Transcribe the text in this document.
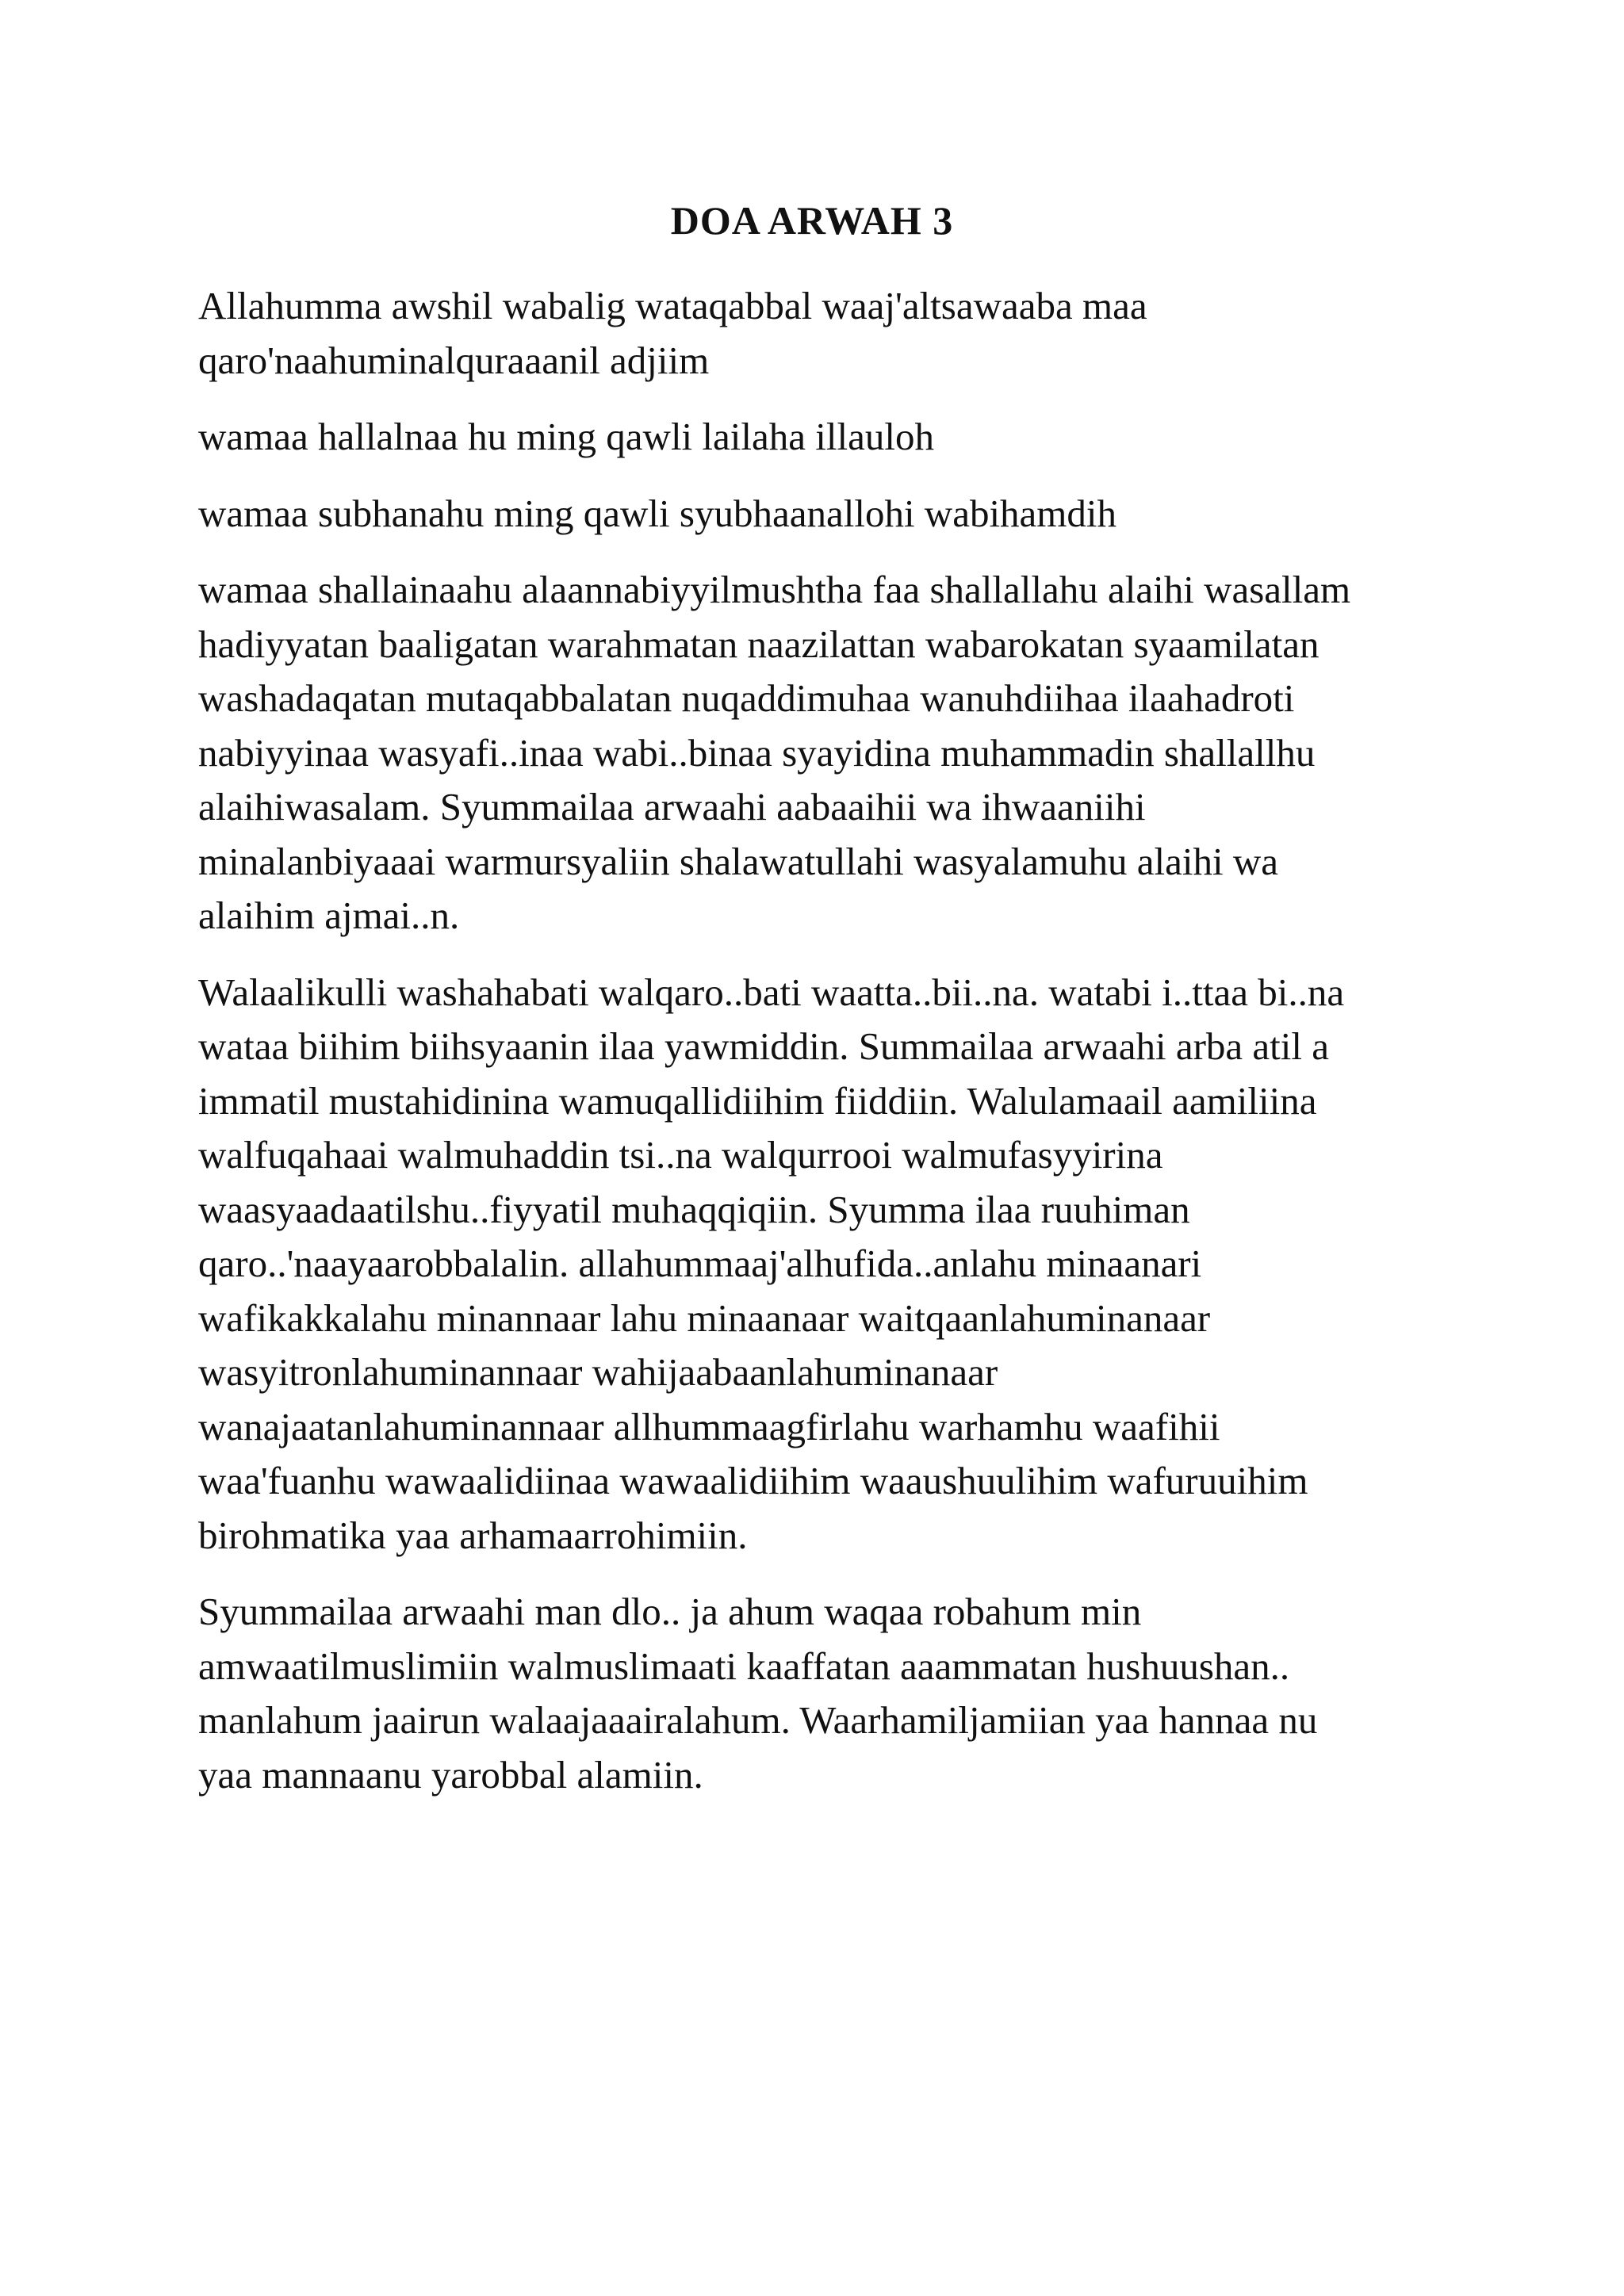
DOA ARWAH 3

Allahumma awshil wabalig wataqabbal waaj'altsawaaba maa
qaro'naahuminalquraaanil adjiim

wamaa hallalnaa hu ming qawli lailaha illauloh

wamaa subhanahu ming qawli syubhaanallohi wabihamdih

wamaa shallainaahu alaannabiyyilmushtha faa shallallahu alaihi wasallam
hadiyyatan baaligatan warahmatan naazilattan wabarokatan syaamilatan
washadaqatan mutaqabbalatan nuqaddimuhaa wanuhdiihaa ilaahadroti
nabiyyinaa wasyafi..inaa wabi..binaa syayidina muhammadin shallallhu
alaihiwasalam. Syummailaa arwaahi aabaaihii wa ihwaaniihi
minalanbiyaaai warmursyaliin shalawatullahi wasyalamuhu alaihi wa
alaihim ajmai..n.

Walaalikulli washahabati walqaro..bati waatta..bii..na. watabi i..ttaa bi..na
wataa biihim biihsyaanin ilaa yawmiddin. Summailaa arwaahi arba atil a
immatil mustahidinina wamuqallidiihim fiiddiin. Walulamaail aamiliina
walfuqahaai walmuhaddin tsi..na walqurrooi walmufasyyirina
waasyaadaatilshu..fiyyatil muhaqqiqiin. Syumma ilaa ruuhiman
qaro..'naayaarobbalalin. allahummaaj'alhufida..anlahu minaanari
wafikakkalahu minannaar lahu minaanaar waitqaanlahuminanaar
wasyitronlahuminannaar wahijaabaanlahuminanaar
wanajaatanlahuminannaar allhummaagfirlahu warhamhu waafihii
waa'fuanhu wawaalidiinaa wawaalidiihim waaushuulihim wafuruuihim
birohmatika yaa arhamaarrohimiin.

Syummailaa arwaahi man dlo.. ja ahum waqaa robahum min
amwaatilmuslimiin walmuslimaati kaaffatan aaammatan hushuushan..
manlahum jaairun walaajaaairalahum. Waarhamiljamiian yaa hannaa nu
yaa mannaanu yarobbal alamiin.
